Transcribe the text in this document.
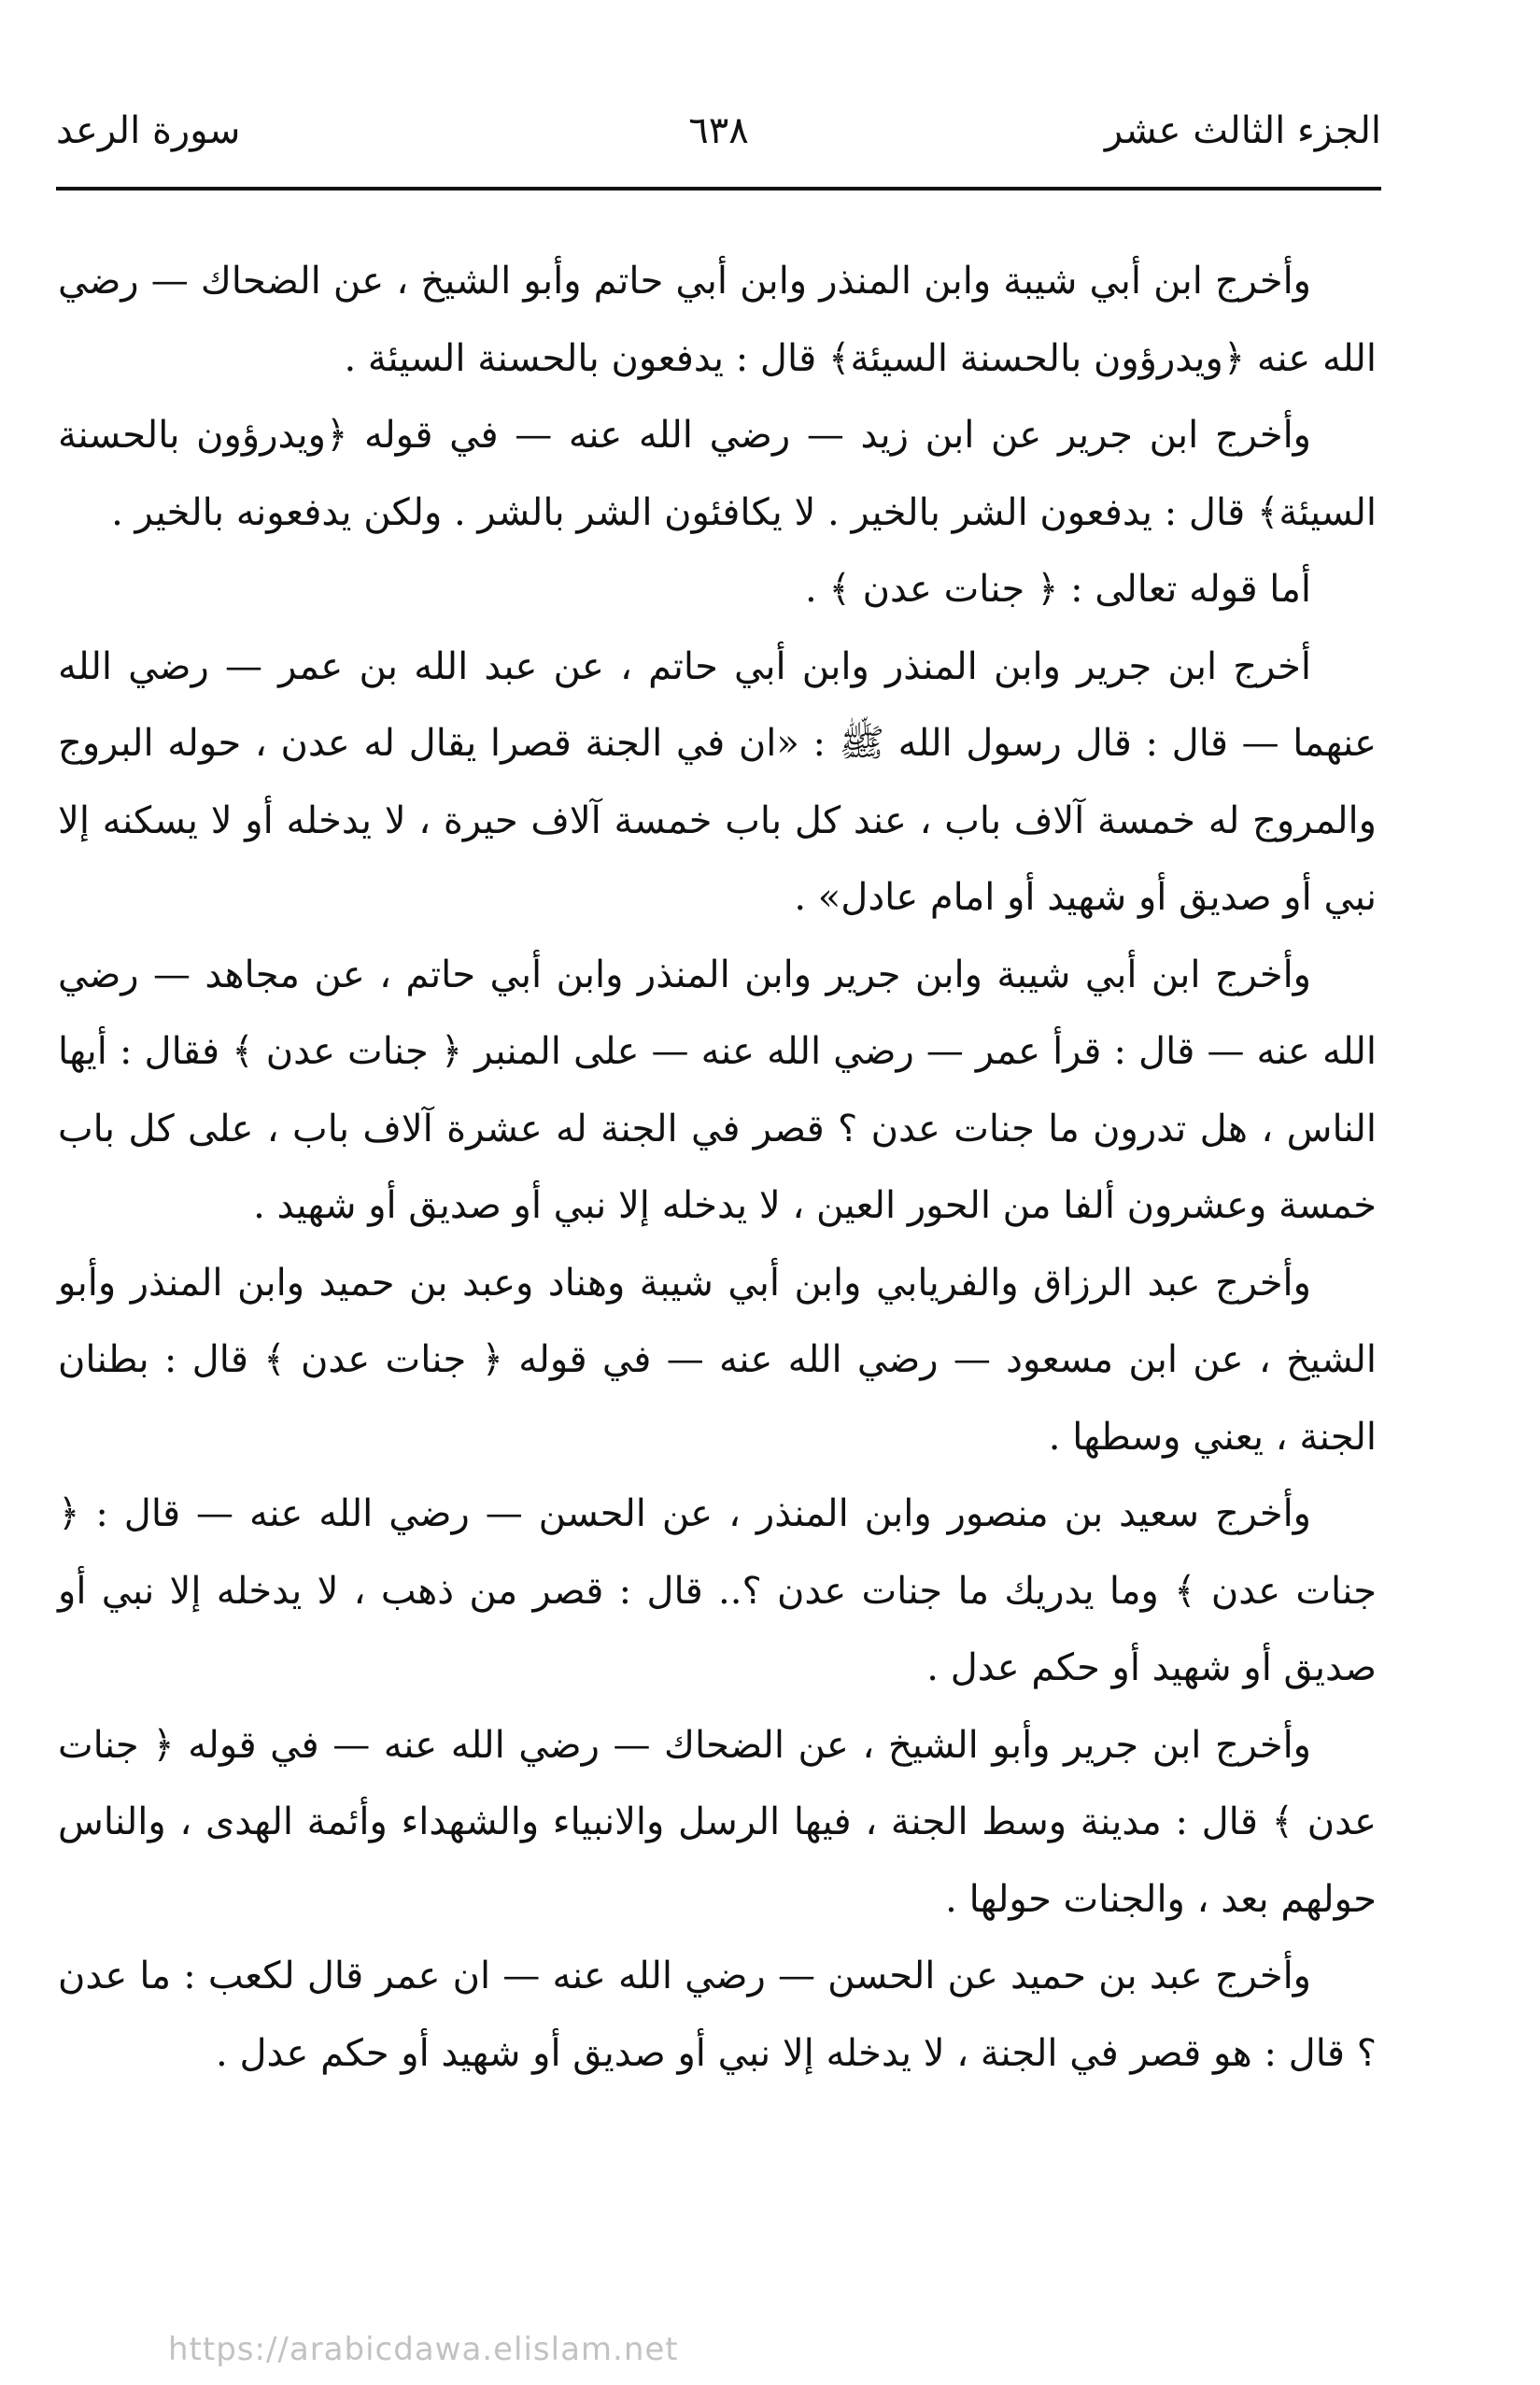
الجزء الثالث عشر
٦٣٨
سورة الرعد

وأخرج ابن أبي شيبة وابن المنذر وابن أبي حاتم وأبو الشيخ ، عن الضحاك — رضي الله عنه ﴿ويدرؤون بالحسنة السيئة﴾ قال : يدفعون بالحسنة السيئة .

وأخرج ابن جرير عن ابن زيد — رضي الله عنه — في قوله ﴿ويدرؤون بالحسنة السيئة﴾ قال : يدفعون الشر بالخير . لا يكافئون الشر بالشر . ولكن يدفعونه بالخير .

أما قوله تعالى : ﴿ جنات عدن ﴾ .

أخرج ابن جرير وابن المنذر وابن أبي حاتم ، عن عبد الله بن عمر — رضي الله عنهما — قال : قال رسول الله ﷺ : «ان في الجنة قصرا يقال له عدن ، حوله البروج والمروج له خمسة آلاف باب ، عند كل باب خمسة آلاف حيرة ، لا يدخله أو لا يسكنه إلا نبي أو صديق أو شهيد أو امام عادل» .

وأخرج ابن أبي شيبة وابن جرير وابن المنذر وابن أبي حاتم ، عن مجاهد — رضي الله عنه — قال : قرأ عمر — رضي الله عنه — على المنبر ﴿ جنات عدن ﴾ فقال : أيها الناس ، هل تدرون ما جنات عدن ؟ قصر في الجنة له عشرة آلاف باب ، على كل باب خمسة وعشرون ألفا من الحور العين ، لا يدخله إلا نبي أو صديق أو شهيد .

وأخرج عبد الرزاق والفريابي وابن أبي شيبة وهناد وعبد بن حميد وابن المنذر وأبو الشيخ ، عن ابن مسعود — رضي الله عنه — في قوله ﴿ جنات عدن ﴾ قال : بطنان الجنة ، يعني وسطها .

وأخرج سعيد بن منصور وابن المنذر ، عن الحسن — رضي الله عنه — قال : ﴿ جنات عدن ﴾ وما يدريك ما جنات عدن ؟.. قال : قصر من ذهب ، لا يدخله إلا نبي أو صديق أو شهيد أو حكم عدل .

وأخرج ابن جرير وأبو الشيخ ، عن الضحاك — رضي الله عنه — في قوله ﴿ جنات عدن ﴾ قال : مدينة وسط الجنة ، فيها الرسل والانبياء والشهداء وأئمة الهدى ، والناس حولهم بعد ، والجنات حولها .

وأخرج عبد بن حميد عن الحسن — رضي الله عنه — ان عمر قال لكعب : ما عدن ؟ قال : هو قصر في الجنة ، لا يدخله إلا نبي أو صديق أو شهيد أو حكم عدل .

https://arabicdawa.elislam.net
